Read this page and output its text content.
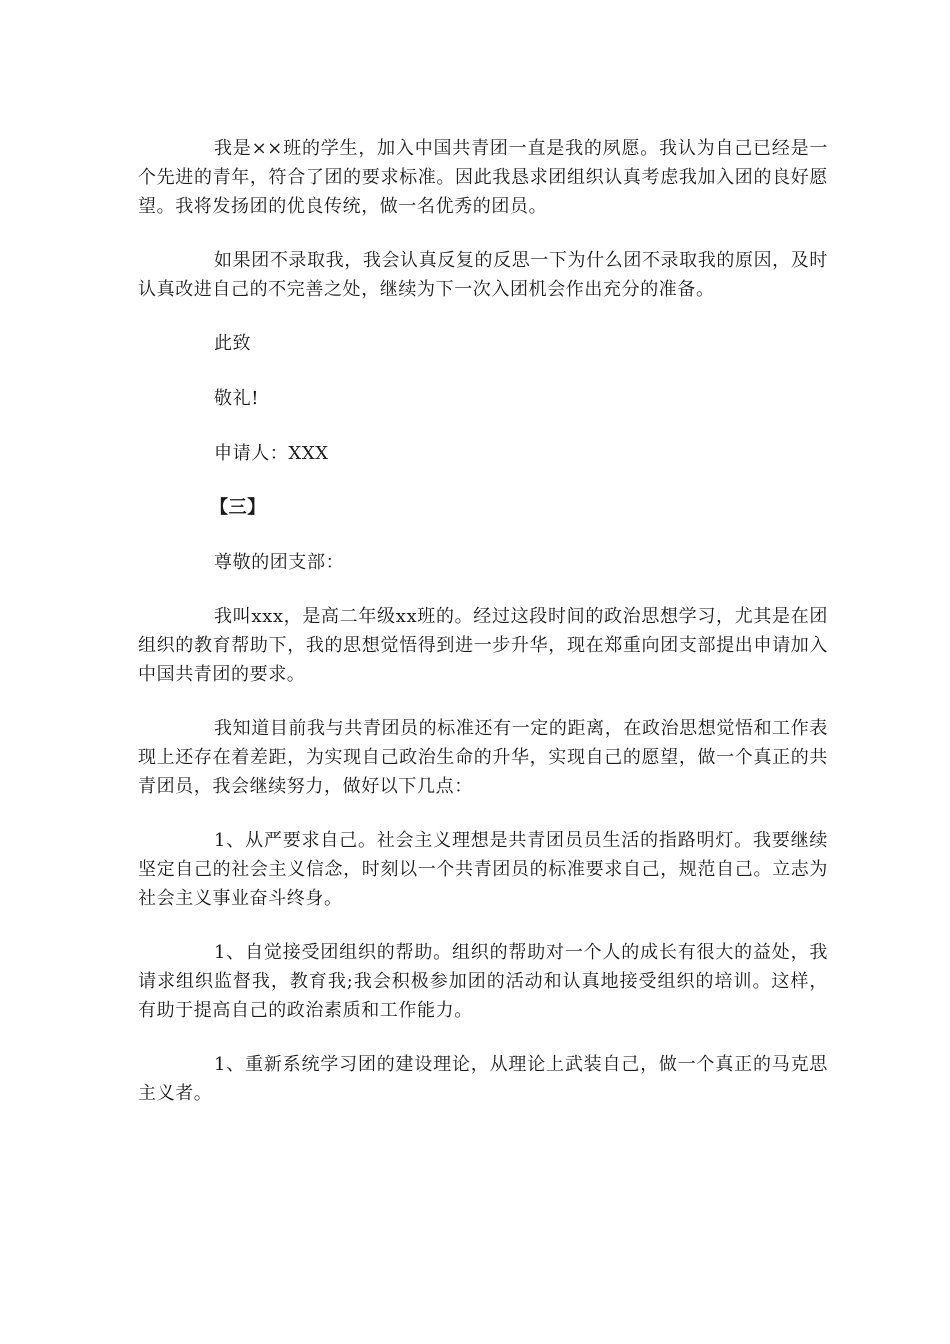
我是××班的学生，加入中国共青团一直是我的夙愿。我认为自己已经是一个先进的青年，符合了团的要求标准。因此我恳求团组织认真考虑我加入团的良好愿望。我将发扬团的优良传统，做一名优秀的团员。

如果团不录取我，我会认真反复的反思一下为什么团不录取我的原因，及时认真改进自己的不完善之处，继续为下一次入团机会作出充分的准备。

此致

敬礼!

申请人：XXX

【三】

尊敬的团支部：

我叫xxx，是高二年级xx班的。经过这段时间的政治思想学习，尤其是在团组织的教育帮助下，我的思想觉悟得到进一步升华，现在郑重向团支部提出申请加入中国共青团的要求。

我知道目前我与共青团员的标准还有一定的距离，在政治思想觉悟和工作表现上还存在着差距，为实现自己政治生命的升华，实现自己的愿望，做一个真正的共青团员，我会继续努力，做好以下几点：

1、从严要求自己。社会主义理想是共青团员员生活的指路明灯。我要继续坚定自己的社会主义信念，时刻以一个共青团员的标准要求自己，规范自己。立志为社会主义事业奋斗终身。

1、自觉接受团组织的帮助。组织的帮助对一个人的成长有很大的益处，我请求组织监督我，教育我;我会积极参加团的活动和认真地接受组织的培训。这样，有助于提高自己的政治素质和工作能力。

1、重新系统学习团的建设理论，从理论上武装自己，做一个真正的马克思主义者。
